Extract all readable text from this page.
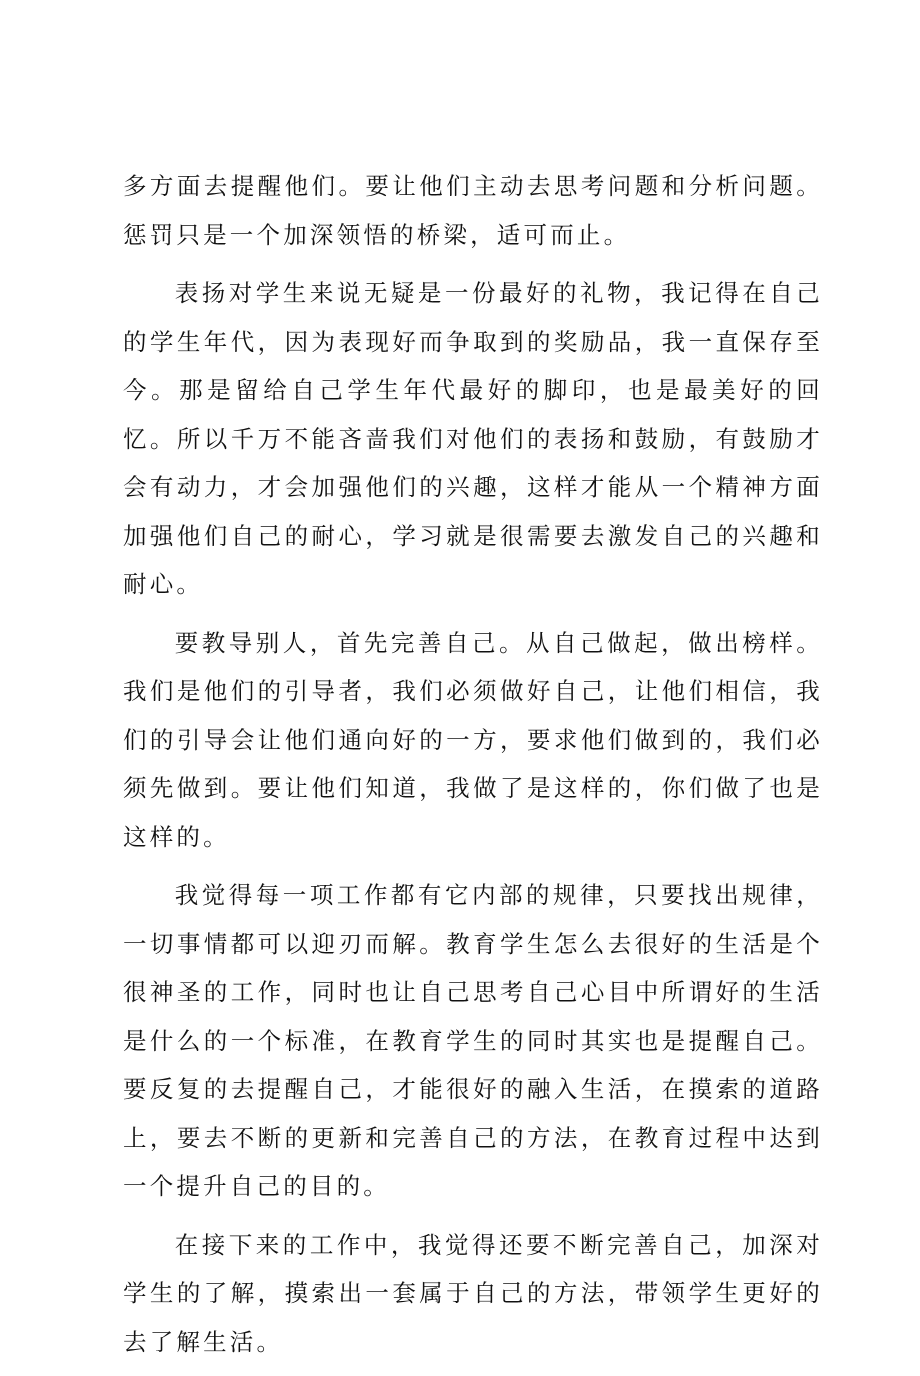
多方面去提醒他们。要让他们主动去思考问题和分析问题。惩罚只是一个加深领悟的桥梁，适可而止。

表扬对学生来说无疑是一份最好的礼物，我记得在自己的学生年代，因为表现好而争取到的奖励品，我一直保存至今。那是留给自己学生年代最好的脚印，也是最美好的回忆。所以千万不能吝啬我们对他们的表扬和鼓励，有鼓励才会有动力，才会加强他们的兴趣，这样才能从一个精神方面加强他们自己的耐心，学习就是很需要去激发自己的兴趣和耐心。

要教导别人，首先完善自己。从自己做起，做出榜样。我们是他们的引导者，我们必须做好自己，让他们相信，我们的引导会让他们通向好的一方，要求他们做到的，我们必须先做到。要让他们知道，我做了是这样的，你们做了也是这样的。

我觉得每一项工作都有它内部的规律，只要找出规律，一切事情都可以迎刃而解。教育学生怎么去很好的生活是个很神圣的工作，同时也让自己思考自己心目中所谓好的生活是什么的一个标准，在教育学生的同时其实也是提醒自己。要反复的去提醒自己，才能很好的融入生活，在摸索的道路上，要去不断的更新和完善自己的方法，在教育过程中达到一个提升自己的目的。

在接下来的工作中，我觉得还要不断完善自己，加深对学生的了解，摸索出一套属于自己的方法，带领学生更好的去了解生活。
